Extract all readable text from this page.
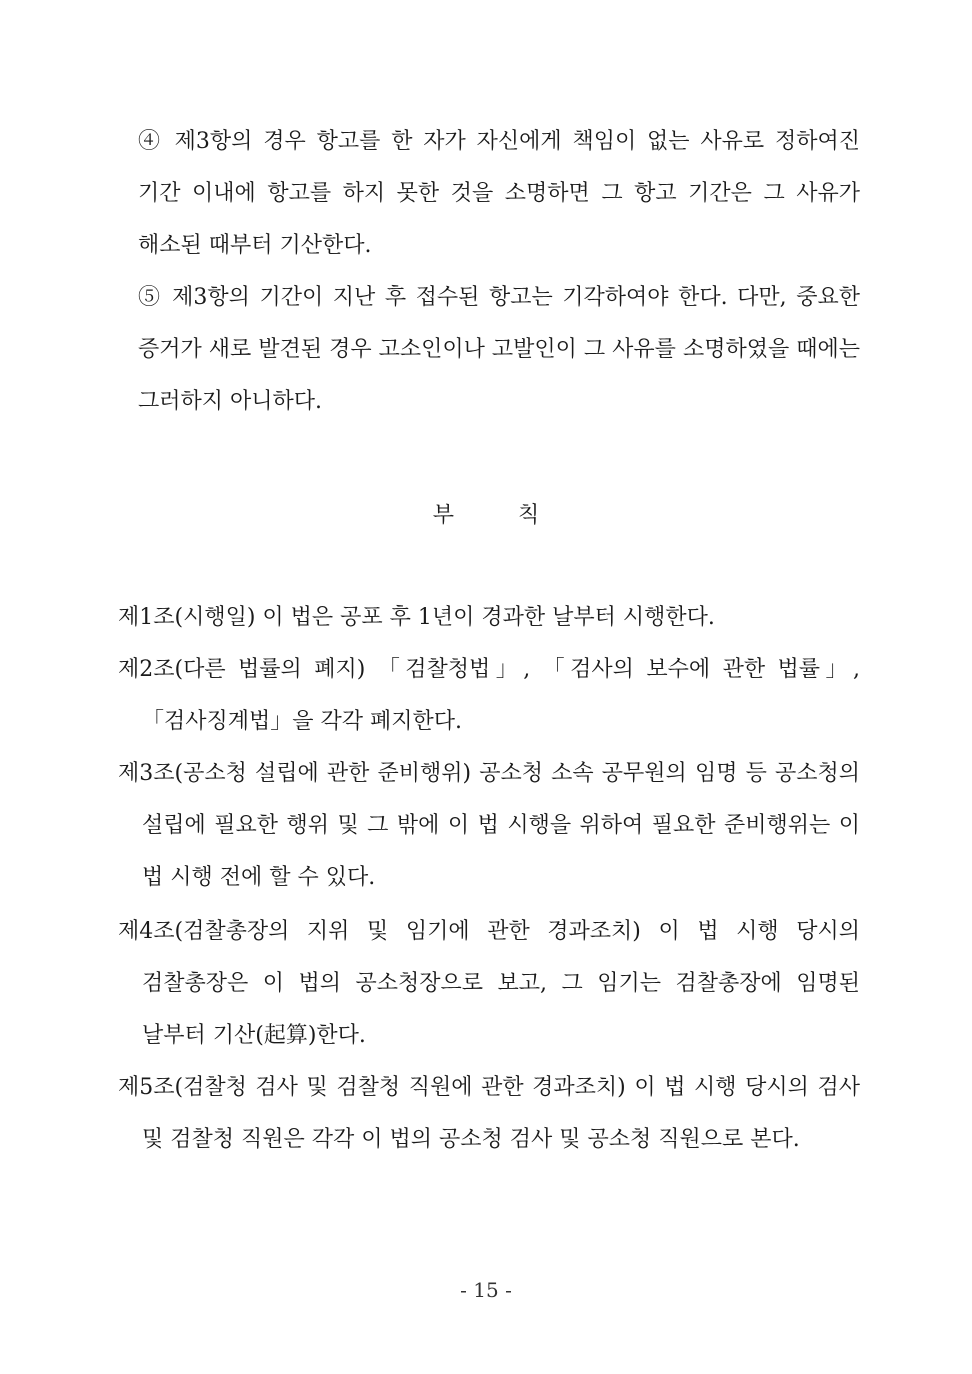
④ 제3항의 경우 항고를 한 자가 자신에게 책임이 없는 사유로 정하여진 기간 이내에 항고를 하지 못한 것을 소명하면 그 항고 기간은 그 사유가 해소된 때부터 기산한다.
⑤ 제3항의 기간이 지난 후 접수된 항고는 기각하여야 한다. 다만, 중요한 증거가 새로 발견된 경우 고소인이나 고발인이 그 사유를 소명하였을 때에는 그러하지 아니하다.
부칙
제1조(시행일) 이 법은 공포 후 1년이 경과한 날부터 시행한다.
제2조(다른 법률의 폐지) 「검찰청법」, 「검사의 보수에 관한 법률」, 「검사징계법」을 각각 폐지한다.
제3조(공소청 설립에 관한 준비행위) 공소청 소속 공무원의 임명 등 공소청의 설립에 필요한 행위 및 그 밖에 이 법 시행을 위하여 필요한 준비행위는 이 법 시행 전에 할 수 있다.
제4조(검찰총장의 지위 및 임기에 관한 경과조치) 이 법 시행 당시의 검찰총장은 이 법의 공소청장으로 보고, 그 임기는 검찰총장에 임명된 날부터 기산(起算)한다.
제5조(검찰청 검사 및 검찰청 직원에 관한 경과조치) 이 법 시행 당시의 검사 및 검찰청 직원은 각각 이 법의 공소청 검사 및 공소청 직원으로 본다.
- 15 -
